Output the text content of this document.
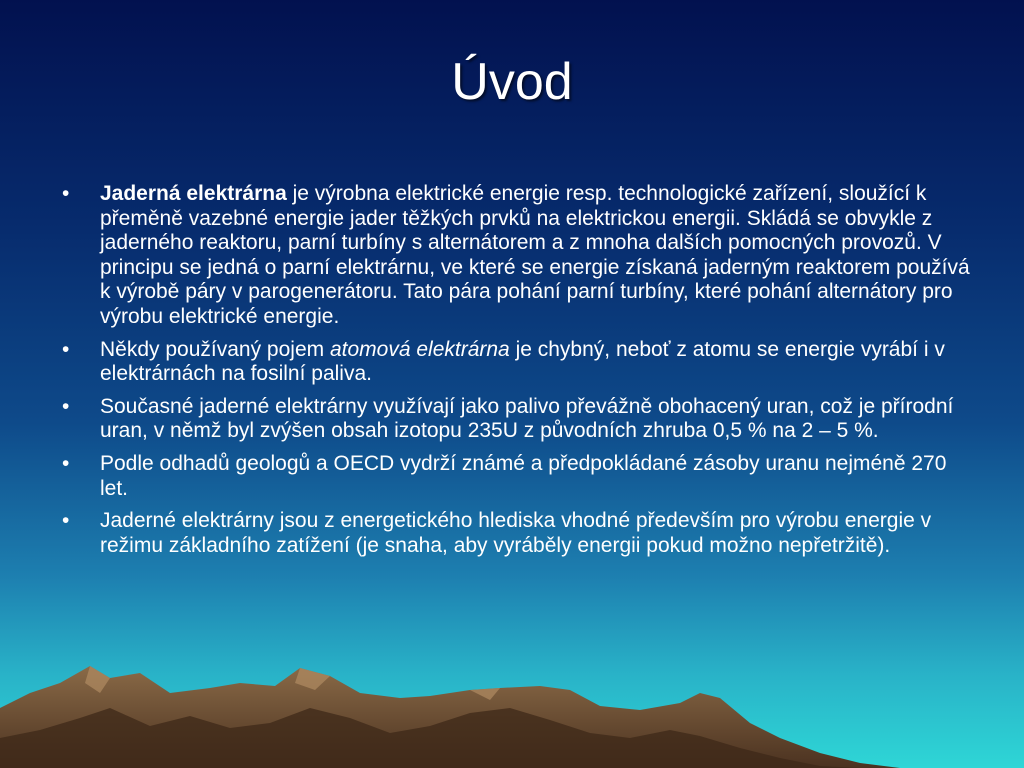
Úvod
•	Jaderná elektrárna je výrobna elektrické energie resp. technologické zařízení, sloužící k přeměně vazebné energie jader těžkých prvků na elektrickou energii. Skládá se obvykle z jaderného reaktoru, parní turbíny s alternátorem a z mnoha dalších pomocných provozů. V principu se jedná o parní elektrárnu, ve které se energie získaná jaderným reaktorem používá k výrobě páry v parogenerátoru. Tato pára pohání parní turbíny, které pohání alternátory pro výrobu elektrické energie.
•	Někdy používaný pojem atomová elektrárna je chybný, neboť z atomu se energie vyrábí i v elektrárnách na fosilní paliva.
•	Současné jaderné elektrárny využívají jako palivo převážně obohacený uran, což je přírodní uran, v němž byl zvýšen obsah izotopu 235U z původních zhruba 0,5 % na 2 – 5 %.
•	Podle odhadů geologů a OECD vydrží známé a předpokládané zásoby uranu nejméně 270 let.
•	Jaderné elektrárny jsou z energetického hlediska vhodné především pro výrobu energie v režimu základního zatížení (je snaha, aby vyráběly energii pokud možno nepřetržitě).
